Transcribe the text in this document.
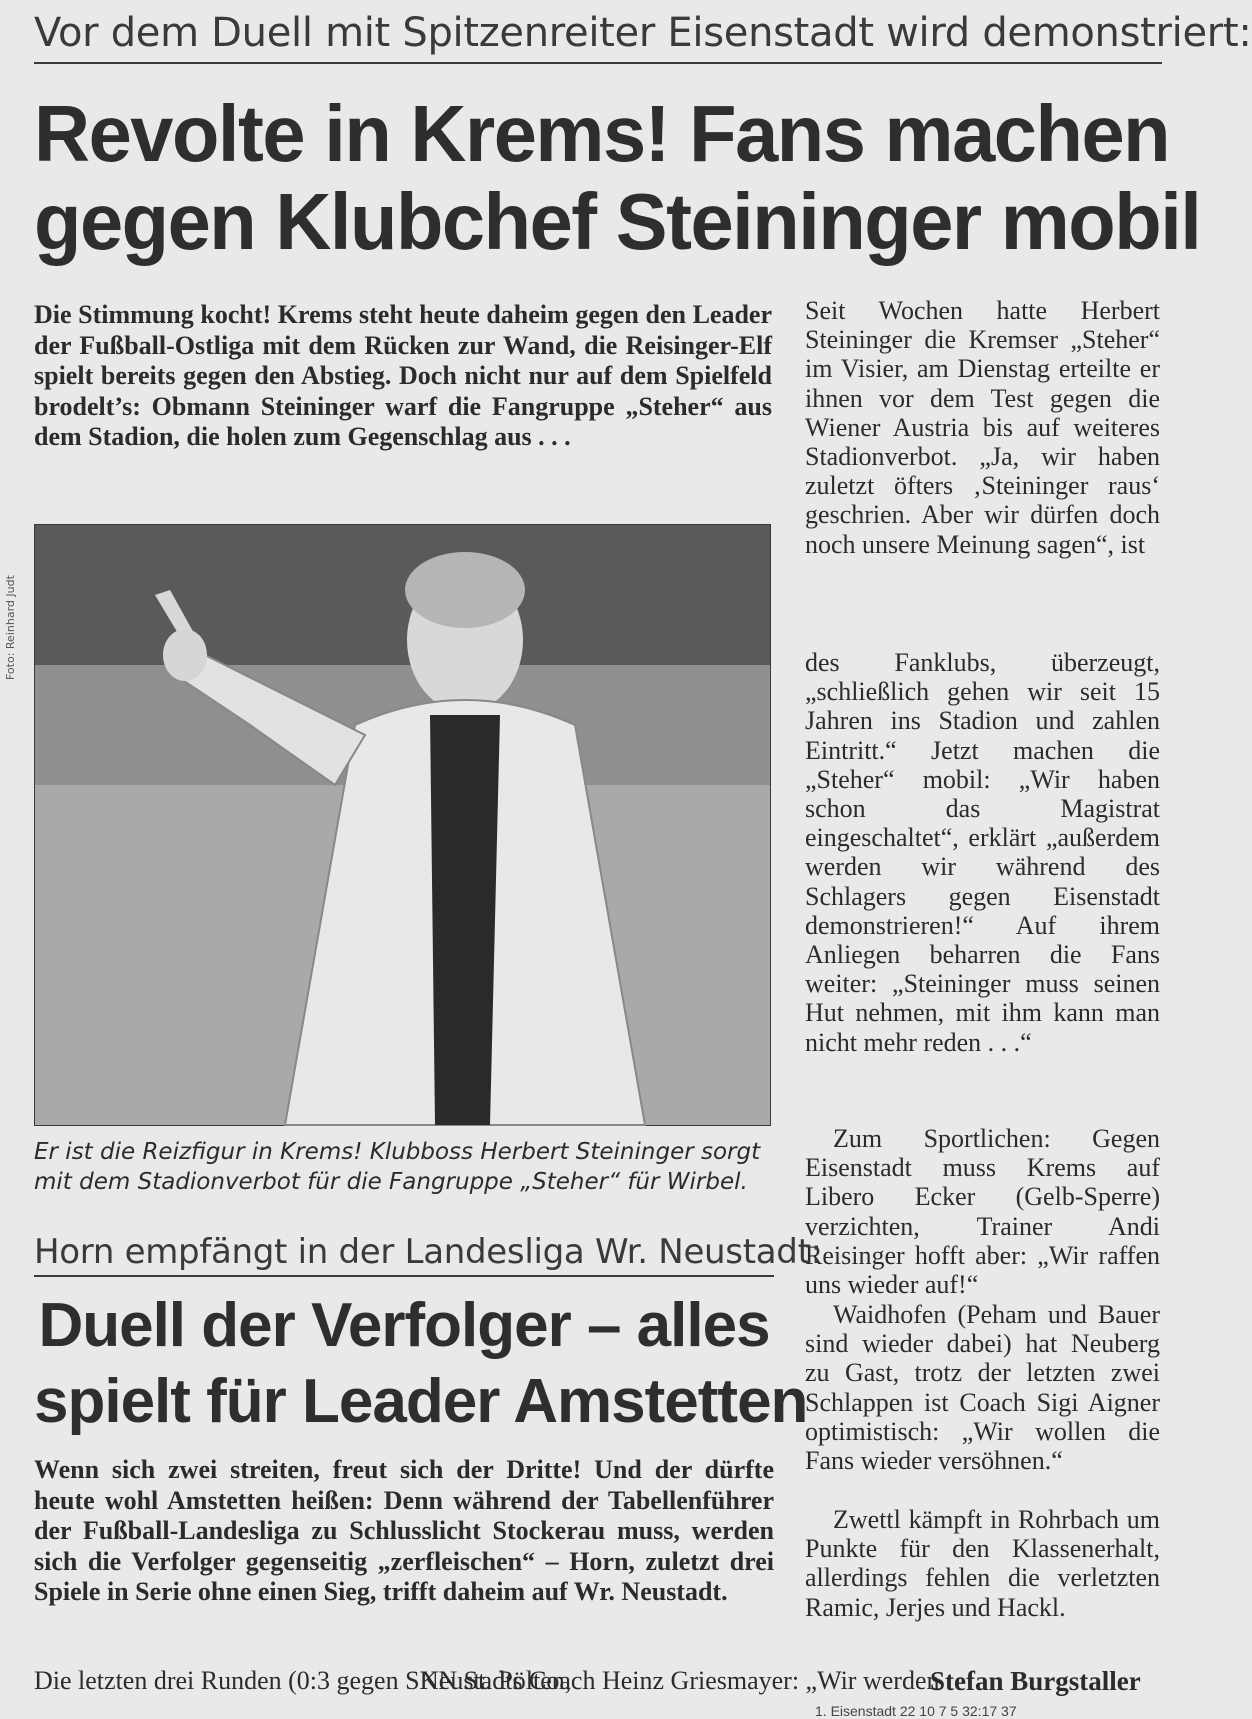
Vor dem Duell mit Spitzenreiter Eisenstadt wird demonstriert:
Revolte in Krems! Fans machen
gegen Klubchef Steininger mobil
Die Stimmung kocht! Krems steht heute daheim gegen den Leader der Fußball-Ostliga mit dem Rücken zur Wand, die Reisinger-Elf spielt bereits gegen den Abstieg. Doch nicht nur auf dem Spielfeld brodelt’s: Obmann Steininger warf die Fangruppe „Steher“ aus dem Stadion, die holen zum Gegenschlag aus . . .
Foto: Reinhard Judt
Er ist die Reizfigur in Krems! Klubboss Herbert Steininger sorgt mit dem Stadionverbot für die Fangruppe „Steher“ für Wirbel.
Seit Wochen hatte Herbert Steininger die Kremser „Steher“ im Visier, am Dienstag erteilte er ihnen vor dem Test gegen die Wiener Austria bis auf weiteres Stadionverbot. „Ja, wir haben zuletzt öfters ‚Steininger raus‘ geschrien. Aber wir dürfen doch noch unsere Meinung sagen“, ist
des Fanklubs, überzeugt, „schließlich gehen wir seit 15 Jahren ins Stadion und zahlen Eintritt.“ Jetzt machen die „Steher“ mobil: „Wir haben schon das Magistrat eingeschaltet“, erklärt „außerdem werden wir während des Schlagers gegen Eisenstadt demonstrieren!“ Auf ihrem Anliegen beharren die Fans weiter: „Steininger muss seinen Hut nehmen, mit ihm kann man nicht mehr reden . . .“
Zum Sportlichen: Gegen Eisenstadt muss Krems auf Libero Ecker (Gelb-Sperre) verzichten, Trainer Andi Reisinger hofft aber: „Wir raffen uns wieder auf!“
Waidhofen (Peham und Bauer sind wieder dabei) hat Neuberg zu Gast, trotz der letzten zwei Schlappen ist Coach Sigi Aigner optimistisch: „Wir wollen die Fans wieder versöhnen.“
Zwettl kämpft in Rohrbach um Punkte für den Klassenerhalt, allerdings fehlen die verletzten Ramic, Jerjes und Hackl.
Stefan Burgstaller
1. Eisenstadt 22 10 7 5 32:17 37
Horn empfängt in der Landesliga Wr. Neustadt:
Duell der Verfolger – alles
spielt für Leader Amstetten
Wenn sich zwei streiten, freut sich der Dritte! Und der dürfte heute wohl Amstetten heißen: Denn während der Tabellenführer der Fußball-Landesliga zu Schlusslicht Stockerau muss, werden sich die Verfolger gegenseitig „zerfleischen“ – Horn, zuletzt drei Spiele in Serie ohne einen Sieg, trifft daheim auf Wr. Neustadt.
Die letzten drei Runden (0:3 gegen SKN St. Pölten,
Neustadts Coach Heinz Griesmayer: „Wir werden
